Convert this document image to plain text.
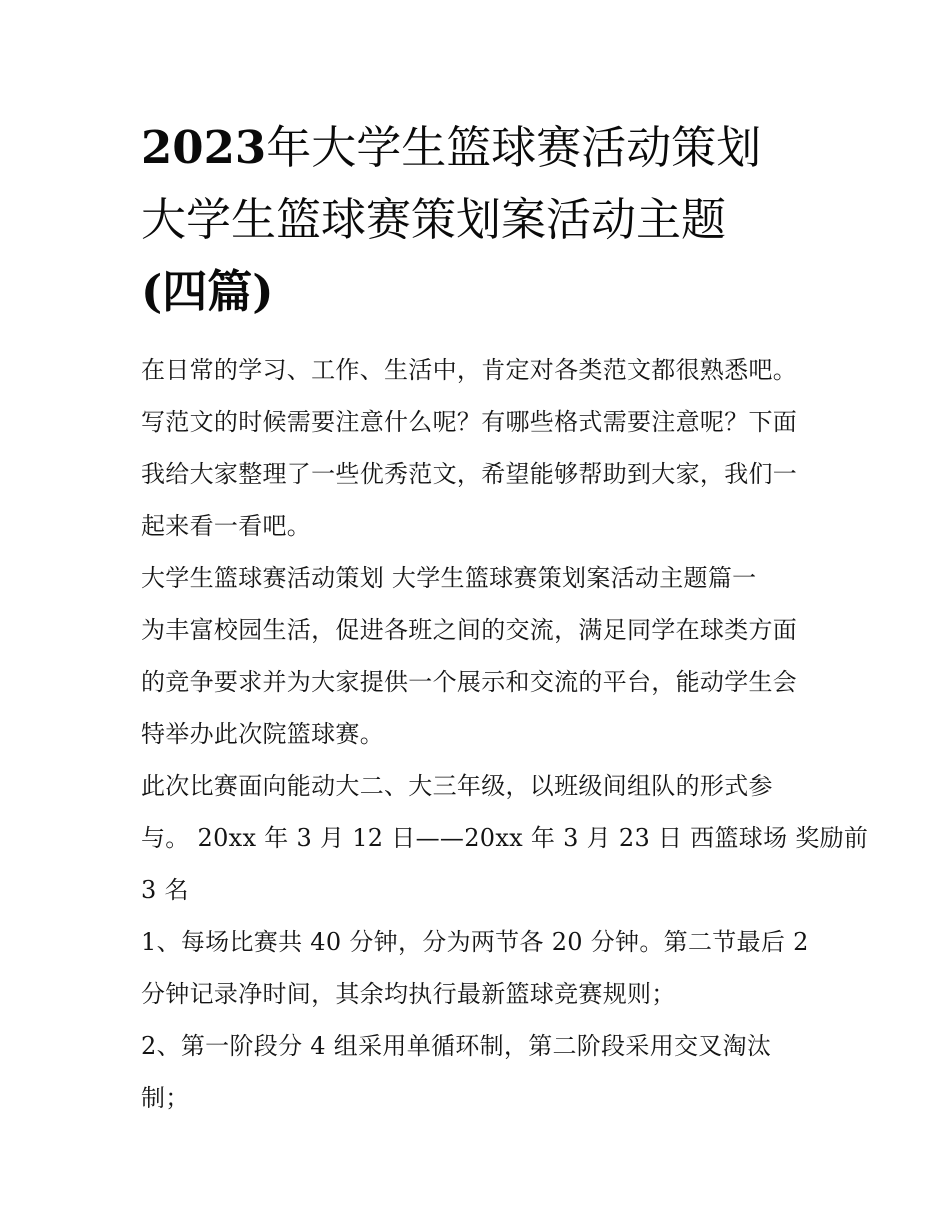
2023年大学生篮球赛活动策划
大学生篮球赛策划案活动主题
(四篇)

在日常的学习、工作、生活中，肯定对各类范文都很熟悉吧。
写范文的时候需要注意什么呢？有哪些格式需要注意呢？下面
我给大家整理了一些优秀范文，希望能够帮助到大家，我们一
起来看一看吧。

大学生篮球赛活动策划 大学生篮球赛策划案活动主题篇一

为丰富校园生活，促进各班之间的交流，满足同学在球类方面
的竞争要求并为大家提供一个展示和交流的平台，能动学生会
特举办此次院篮球赛。

此次比赛面向能动大二、大三年级，以班级间组队的形式参
与。 20xx 年 3 月 12 日——20xx 年 3 月 23 日 西篮球场 奖励前
3 名

1、每场比赛共 40 分钟，分为两节各 20 分钟。第二节最后 2
分钟记录净时间，其余均执行最新篮球竞赛规则；

2、第一阶段分 4 组采用单循环制，第二阶段采用交叉淘汰
制；
